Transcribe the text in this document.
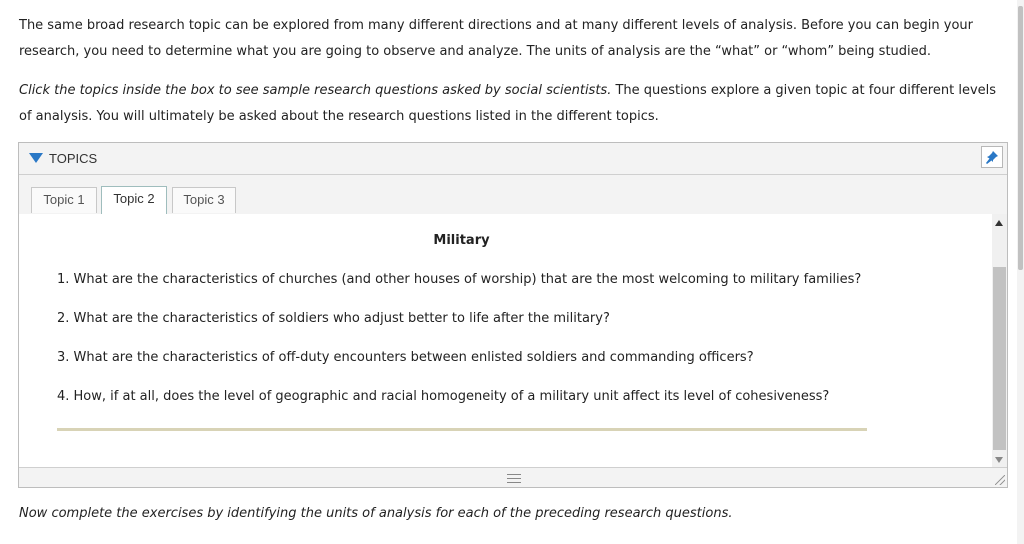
The same broad research topic can be explored from many different directions and at many different levels of analysis. Before you can begin your research, you need to determine what you are going to observe and analyze. The units of analysis are the “what” or “whom” being studied.

Click the topics inside the box to see sample research questions asked by social scientists. The questions explore a given topic at four different levels of analysis. You will ultimately be asked about the research questions listed in the different topics.

TOPICS
Topic 1	Topic 2	Topic 3
Military
1. What are the characteristics of churches (and other houses of worship) that are the most welcoming to military families?
2. What are the characteristics of soldiers who adjust better to life after the military?
3. What are the characteristics of off-duty encounters between enlisted soldiers and commanding officers?
4. How, if at all, does the level of geographic and racial homogeneity of a military unit affect its level of cohesiveness?

Now complete the exercises by identifying the units of analysis for each of the preceding research questions.
